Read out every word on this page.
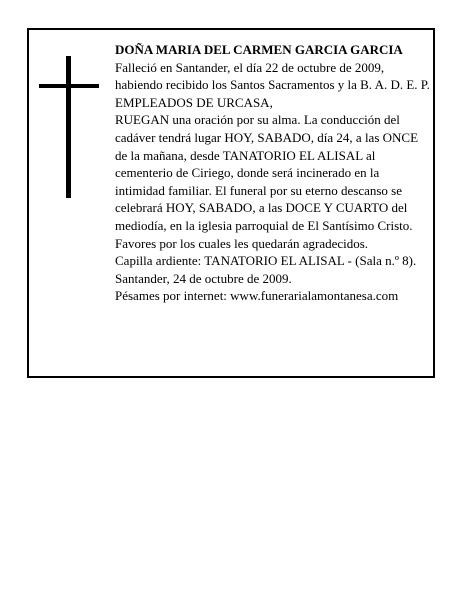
DOÑA MARIA DEL CARMEN GARCIA GARCIA

Falleció en Santander, el día 22 de octubre de 2009, habiendo recibido los Santos Sacramentos y la B. A. D. E. P.

EMPLEADOS DE URCASA,

RUEGAN una oración por su alma. La conducción del cadáver tendrá lugar HOY, SABADO, día 24, a las ONCE de la mañana, desde TANATORIO EL ALISAL al cementerio de Ciriego, donde será incinerado en la intimidad familiar. El funeral por su eterno descanso se celebrará HOY, SABADO, a las DOCE Y CUARTO del mediodía, en la iglesia parroquial de El Santísimo Cristo. Favores por los cuales les quedarán agradecidos.

Capilla ardiente: TANATORIO EL ALISAL - (Sala n.º 8).

Santander, 24 de octubre de 2009.

Pésames por internet: www.funerarialamontanesa.com
